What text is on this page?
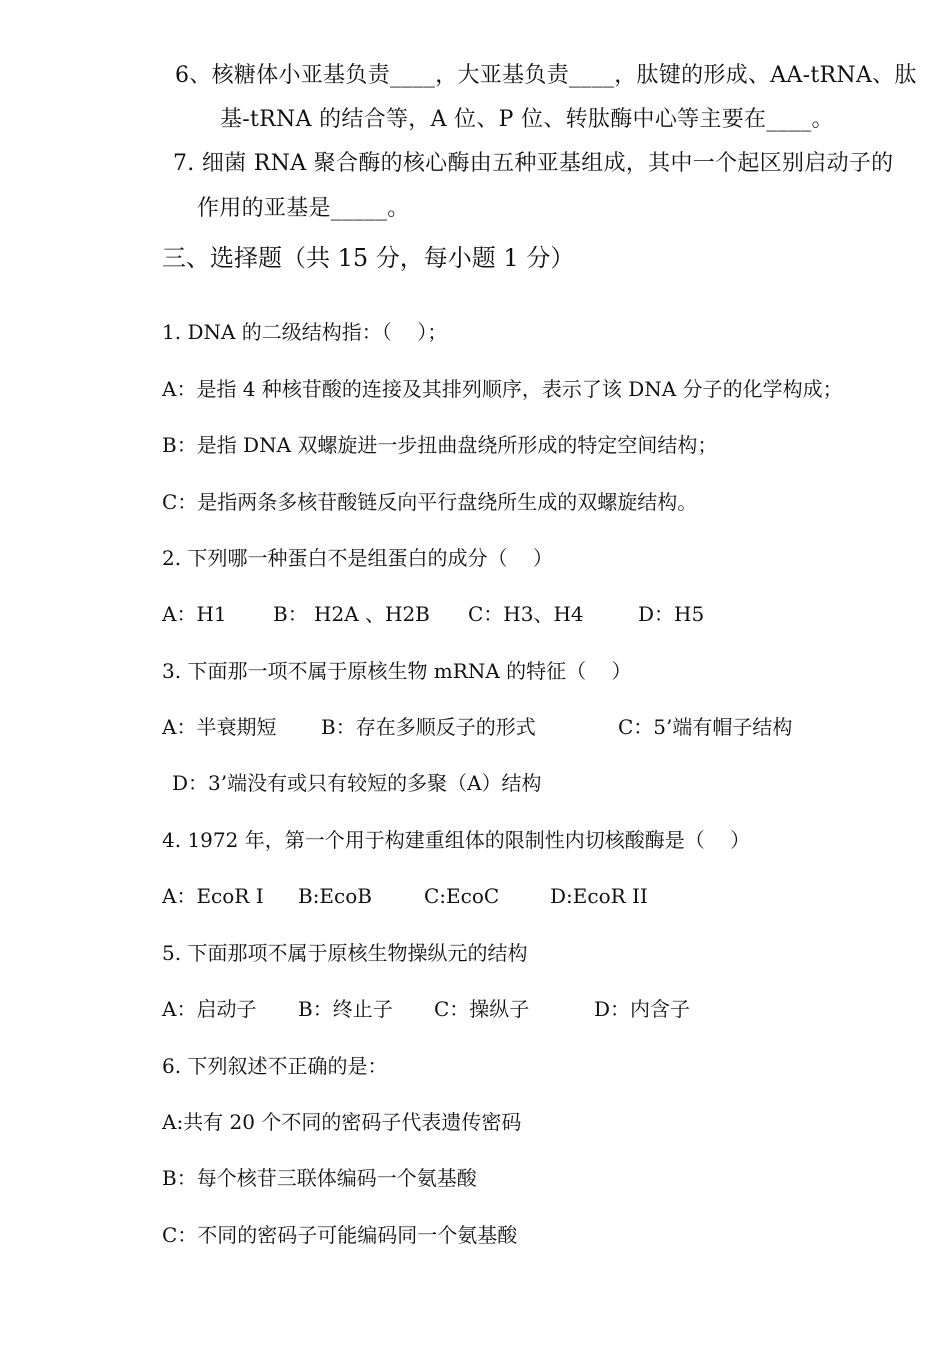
6、核糖体小亚基负责____，大亚基负责____，肽键的形成、AA-tRNA、肽
基-tRNA 的结合等，A 位、P 位、转肽酶中心等主要在____。
7. 细菌 RNA 聚合酶的核心酶由五种亚基组成，其中一个起区别启动子的
作用的亚基是_____。
三、选择题（共 15 分，每小题 1 分）
1. DNA 的二级结构指：（    ）；
A：是指 4 种核苷酸的连接及其排列顺序，表示了该 DNA 分子的化学构成；
B：是指 DNA 双螺旋进一步扭曲盘绕所形成的特定空间结构；
C：是指两条多核苷酸链反向平行盘绕所生成的双螺旋结构。
2. 下列哪一种蛋白不是组蛋白的成分（    ）

A：H1

B： H2A 、H2B

C：H3、H4

	D：H5

3. 下面那一项不属于原核生物 mRNA 的特征（    ）

A：半衰期短

B：存在多顺反子的形式

	C：5’端有帽子结构

D：3’端没有或只有较短的多聚（A）结构
4. 1972 年，第一个用于构建重组体的限制性内切核酸酶是（    ）

A：EcoR I

B:EcoB

	C:EcoC

	D:EcoR II

5. 下面那项不属于原核生物操纵元的结构

A：启动子

B：终止子

C：操纵子

	D：内含子

6. 下列叙述不正确的是：
A:共有 20 个不同的密码子代表遗传密码
B：每个核苷三联体编码一个氨基酸
C：不同的密码子可能编码同一个氨基酸
